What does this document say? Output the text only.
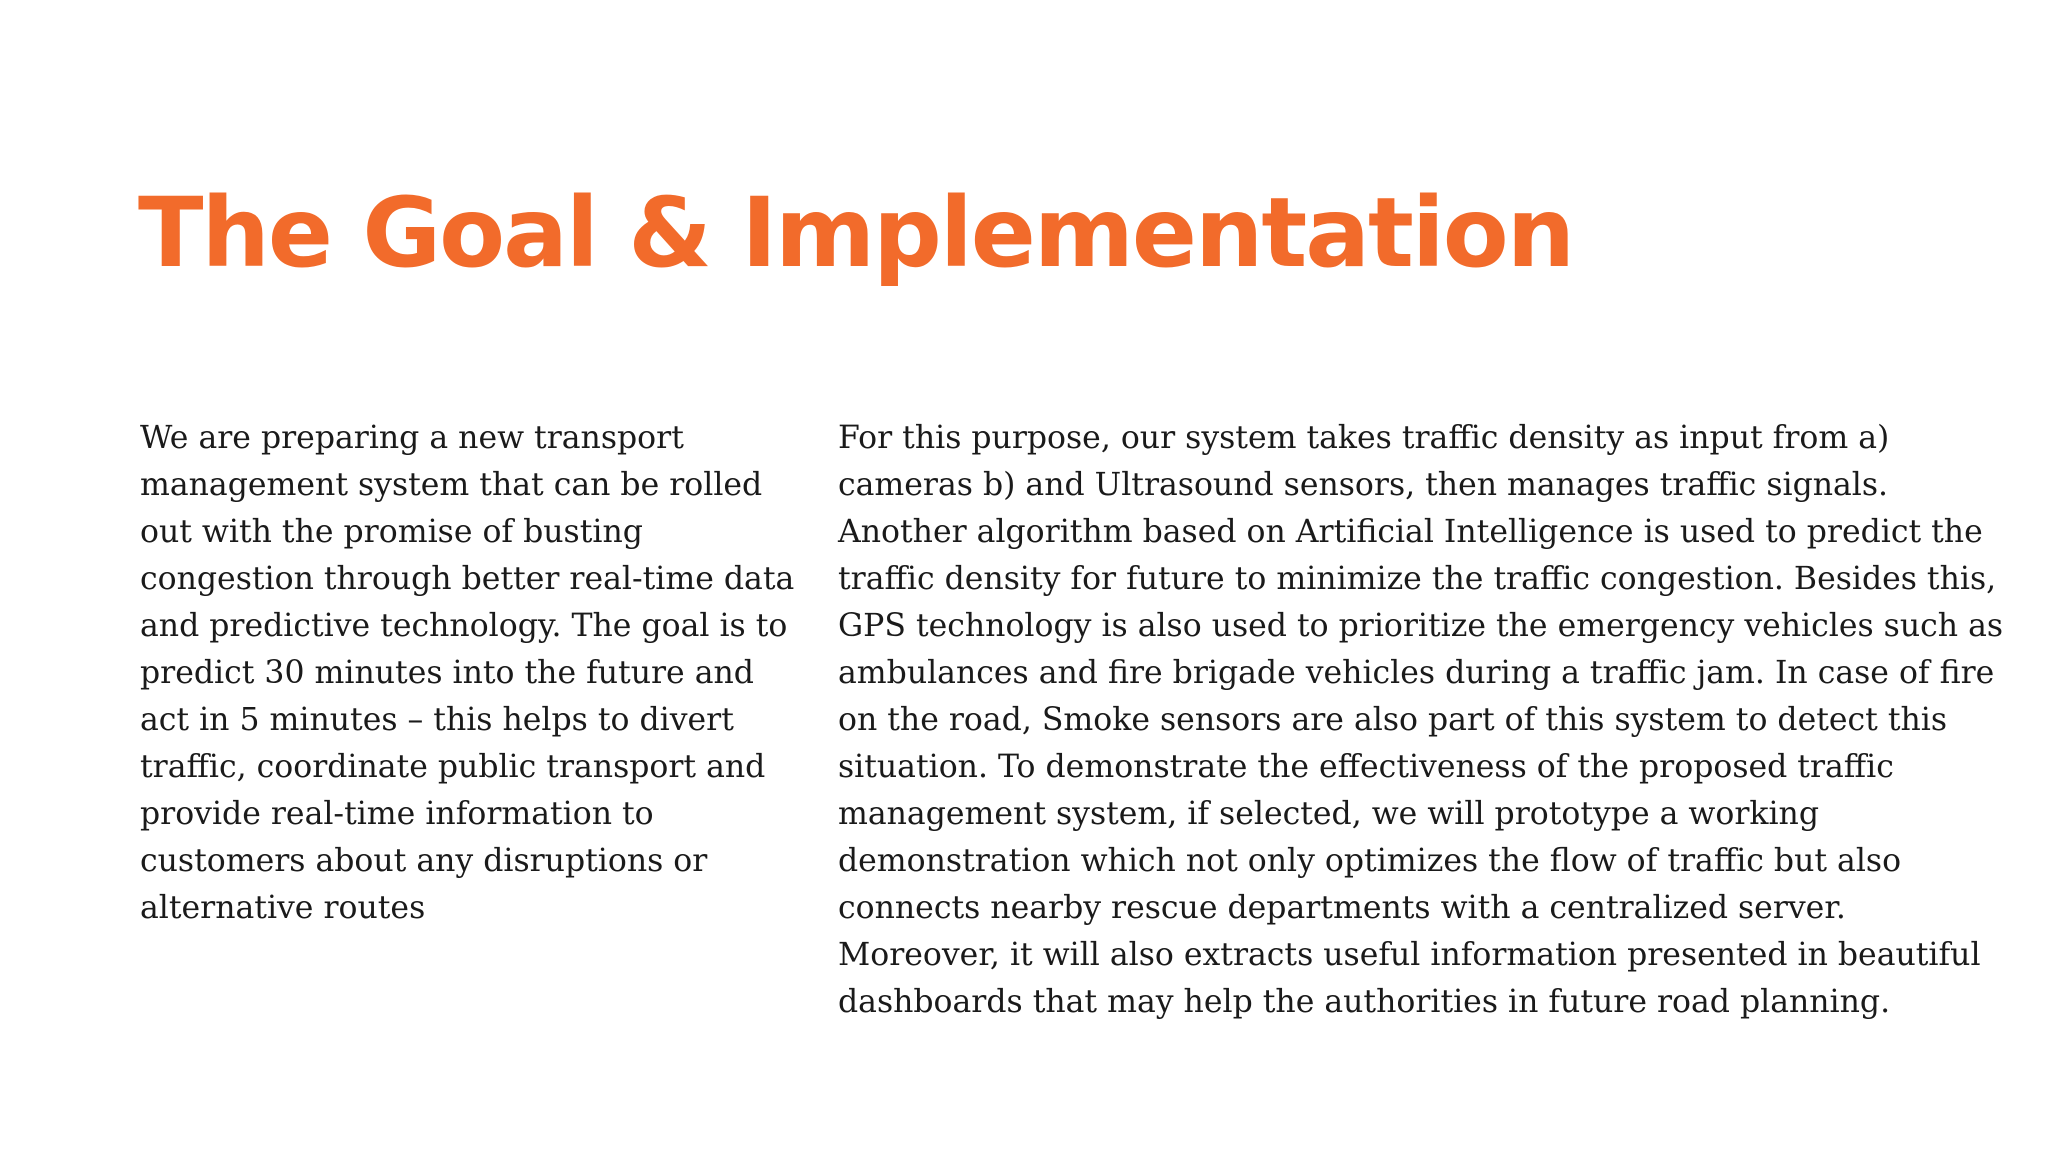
The Goal & Implementation
We are preparing a new transport
management system that can be rolled
out with the promise of busting
congestion through better real-time data
and predictive technology. The goal is to
predict 30 minutes into the future and
act in 5 minutes – this helps to divert
traffic, coordinate public transport and
provide real-time information to
customers about any disruptions or
alternative routes
For this purpose, our system takes traffic density as input from a)
cameras b) and Ultrasound sensors, then manages traffic signals.
Another algorithm based on Artificial Intelligence is used to predict the
traffic density for future to minimize the traffic congestion. Besides this,
GPS technology is also used to prioritize the emergency vehicles such as
ambulances and fire brigade vehicles during a traffic jam. In case of fire
on the road, Smoke sensors are also part of this system to detect this
situation. To demonstrate the effectiveness of the proposed traffic
management system, if selected, we will prototype a working
demonstration which not only optimizes the flow of traffic but also
connects nearby rescue departments with a centralized server.
Moreover, it will also extracts useful information presented in beautiful
dashboards that may help the authorities in future road planning.
